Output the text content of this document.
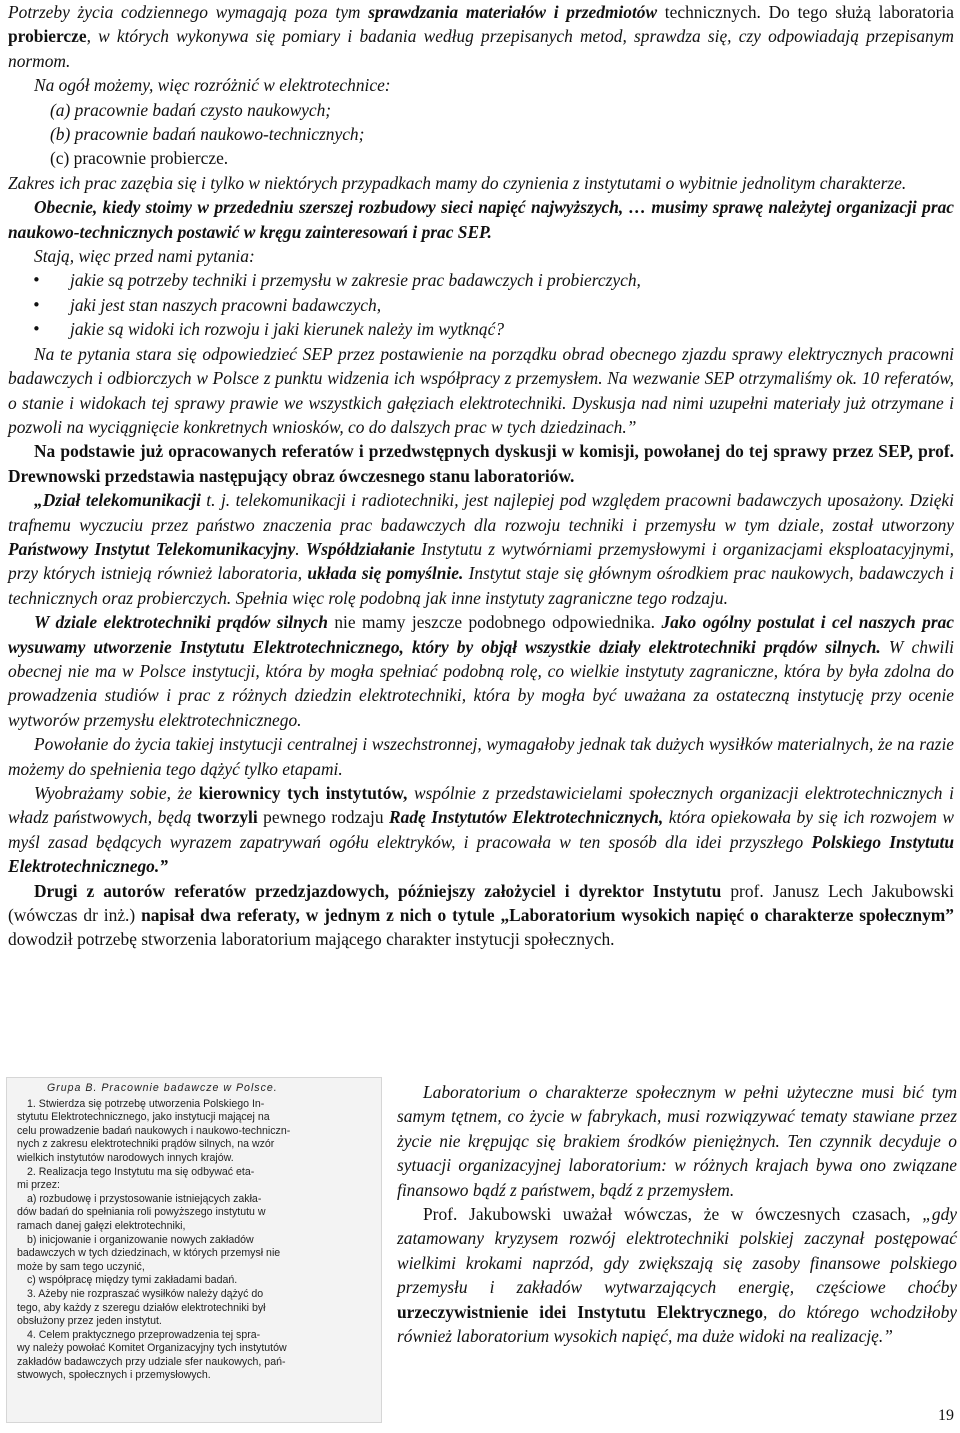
Potrzeby życia codziennego wymagają poza tym sprawdzania materiałów i przedmiotów technicznych. Do tego służą laboratoria probiercze, w których wykonywa się pomiary i badania według przepisanych metod, sprawdza się, czy odpowiadają przepisanym normom.

Na ogół możemy, więc rozróżnić w elektrotechnice:

(a) pracownie badań czysto naukowych;

(b) pracownie badań naukowo-technicznych;

(c) pracownie probiercze.

Zakres ich prac zazębia się i tylko w niektórych przypadkach mamy do czynienia z instytutami o wybitnie jednolitym charakterze.

Obecnie, kiedy stoimy w przededniu szerszej rozbudowy sieci napięć najwyższych, … musimy sprawę należytej organizacji prac naukowo-technicznych postawić w kręgu zainteresowań i prac SEP.

Stają, więc przed nami pytania:

• jakie są potrzeby techniki i przemysłu w zakresie prac badawczych i probierczych,
• jaki jest stan naszych pracowni badawczych,
• jakie są widoki ich rozwoju i jaki kierunek należy im wytknąć?

Na te pytania stara się odpowiedzieć SEP przez postawienie na porządku obrad obecnego zjazdu sprawy elektrycznych pracowni badawczych i odbiorczych w Polsce z punktu widzenia ich współpracy z przemysłem. Na wezwanie SEP otrzymaliśmy ok. 10 referatów, o stanie i widokach tej sprawy prawie we wszystkich gałęziach elektrotechniki. Dyskusja nad nimi uzupełni materiały już otrzymane i pozwoli na wyciągnięcie konkretnych wniosków, co do dalszych prac w tych dziedzinach.”

Na podstawie już opracowanych referatów i przedwstępnych dyskusji w komisji, powołanej do tej sprawy przez SEP, prof. Drewnowski przedstawia następujący obraz ówczesnego stanu laboratoriów.

„Dział telekomunikacji t. j. telekomunikacji i radiotechniki, jest najlepiej pod względem pracowni badawczych uposażony. Dzięki trafnemu wyczuciu przez państwo znaczenia prac badawczych dla rozwoju techniki i przemysłu w tym dziale, został utworzony Państwowy Instytut Telekomunikacyjny. Współdziałanie Instytutu z wytwórniami przemysłowymi i organizacjami eksploatacyjnymi, przy których istnieją również laboratoria, układa się pomyślnie. Instytut staje się głównym ośrodkiem prac naukowych, badawczych i technicznych oraz probierczych. Spełnia więc rolę podobną jak inne instytuty zagraniczne tego rodzaju.

W dziale elektrotechniki prądów silnych nie mamy jeszcze podobnego odpowiednika. Jako ogólny postulat i cel naszych prac wysuwamy utworzenie Instytutu Elektrotechnicznego, który by objął wszystkie działy elektrotechniki prądów silnych. W chwili obecnej nie ma w Polsce instytucji, która by mogła spełniać podobną rolę, co wielkie instytuty zagraniczne, która by była zdolna do prowadzenia studiów i prac z różnych dziedzin elektrotechniki, która by mogła być uważana za ostateczną instytucję przy ocenie wytworów przemysłu elektrotechnicznego.

Powołanie do życia takiej instytucji centralnej i wszechstronnej, wymagałoby jednak tak dużych wysiłków materialnych, że na razie możemy do spełnienia tego dążyć tylko etapami.

Wyobrażamy sobie, że kierownicy tych instytutów, wspólnie z przedstawicielami społecznych organizacji elektrotechnicznych i władz państwowych, będą tworzyli pewnego rodzaju Radę Instytutów Elektrotechnicznych, która opiekowała by się ich rozwojem w myśl zasad będących wyrazem zapatrywań ogółu elektryków, i pracowała w ten sposób dla idei przyszłego Polskiego Instytutu Elektrotechnicznego.”

Drugi z autorów referatów przedzjazdowych, późniejszy założyciel i dyrektor Instytutu prof. Janusz Lech Jakubowski (wówczas dr inż.) napisał dwa referaty, w jednym z nich o tytule „Laboratorium wysokich napięć o charakterze społecznym” dowodził potrzebę stworzenia laboratorium mającego charakter instytucji społecznych.

Grupa B. Pracownie badawcze w Polsce.
1. Stwierdza się potrzebę utworzenia Polskiego In-
stytutu Elektrotechnicznego, jako instytucji mającej na
celu prowadzenie badań naukowych i naukowo-techniczn-
nych z zakresu elektrotechniki prądów silnych, na wzór
wielkich instytutów narodowych innych krajów.
2. Realizacja tego Instytutu ma się odbywać eta-
mi przez:
a) rozbudowę i przystosowanie istniejących zakła-
dów badań do spełniania roli powyższego instytutu w
ramach danej gałęzi elektrotechniki,
b) inicjowanie i organizowanie nowych zakładów
badawczych w tych dziedzinach, w których przemysł nie
może by sam tego uczynić,
c) współpracę między tymi zakładami badań.
3. Ażeby nie rozpraszać wysiłków należy dążyć do
tego, aby każdy z szeregu działów elektrotechniki był
obsłużony przez jeden instytut.
4. Celem praktycznego przeprowadzenia tej spra-
wy należy powołać Komitet Organizacyjny tych instytutów
zakładów badawczych przy udziale sfer naukowych, pań-
stwowych, społecznych i przemysłowych.

Laboratorium o charakterze społecznym w pełni użyteczne musi bić tym samym tętnem, co życie w fabrykach, musi rozwiązywać tematy stawiane przez życie nie krępując się brakiem środków pieniężnych. Ten czynnik decyduje o sytuacji organizacyjnej laboratorium: w różnych krajach bywa ono związane finansowo bądź z państwem, bądź z przemysłem.

Prof. Jakubowski uważał wówczas, że w ówczesnych czasach, „gdy zatamowany kryzysem rozwój elektrotechniki polskiej zaczynał postępować wielkimi krokami naprzód, gdy zwiększają się zasoby finansowe polskiego przemysłu i zakładów wytwarzających energię, częściowe choćby urzeczywistnienie idei Instytutu Elektrycznego, do którego wchodziłoby również laboratorium wysokich napięć, ma duże widoki na realizację.”

19
